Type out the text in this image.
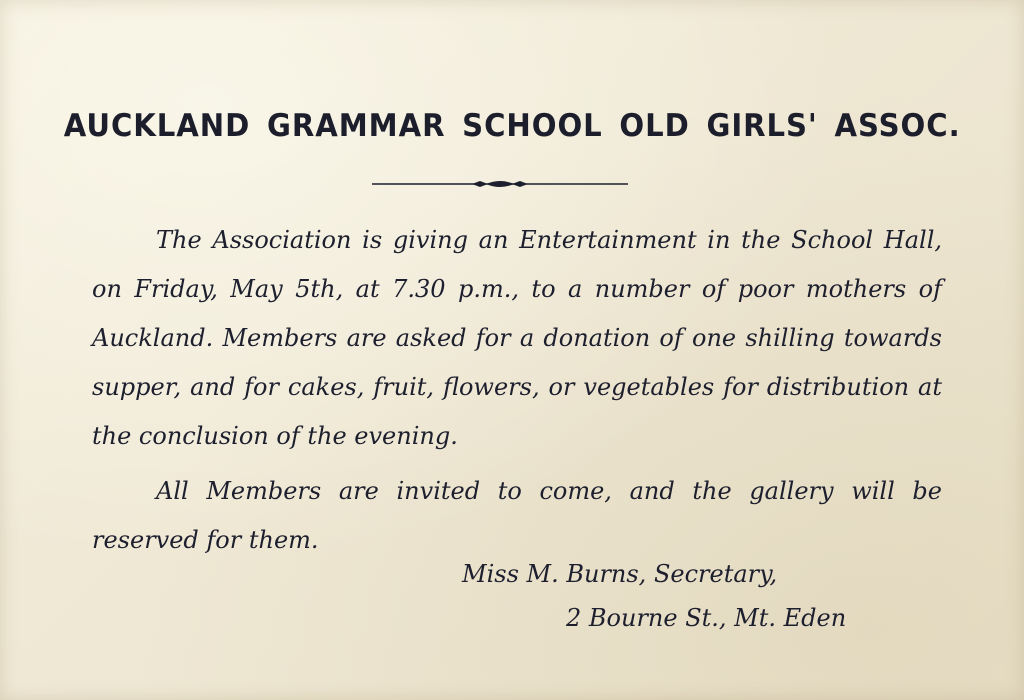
AUCKLAND GRAMMAR SCHOOL OLD GIRLS' ASSOC.

The Association is giving an Entertainment in the School Hall, on Friday, May 5th, at 7.30 p.m., to a number of poor mothers of Auckland. Members are asked for a donation of one shilling towards supper, and for cakes, fruit, flowers, or vegetables for distribution at the conclusion of the evening.

All Members are invited to come, and the gallery will be reserved for them.

Miss M. Burns, Secretary,
2 Bourne St., Mt. Eden
